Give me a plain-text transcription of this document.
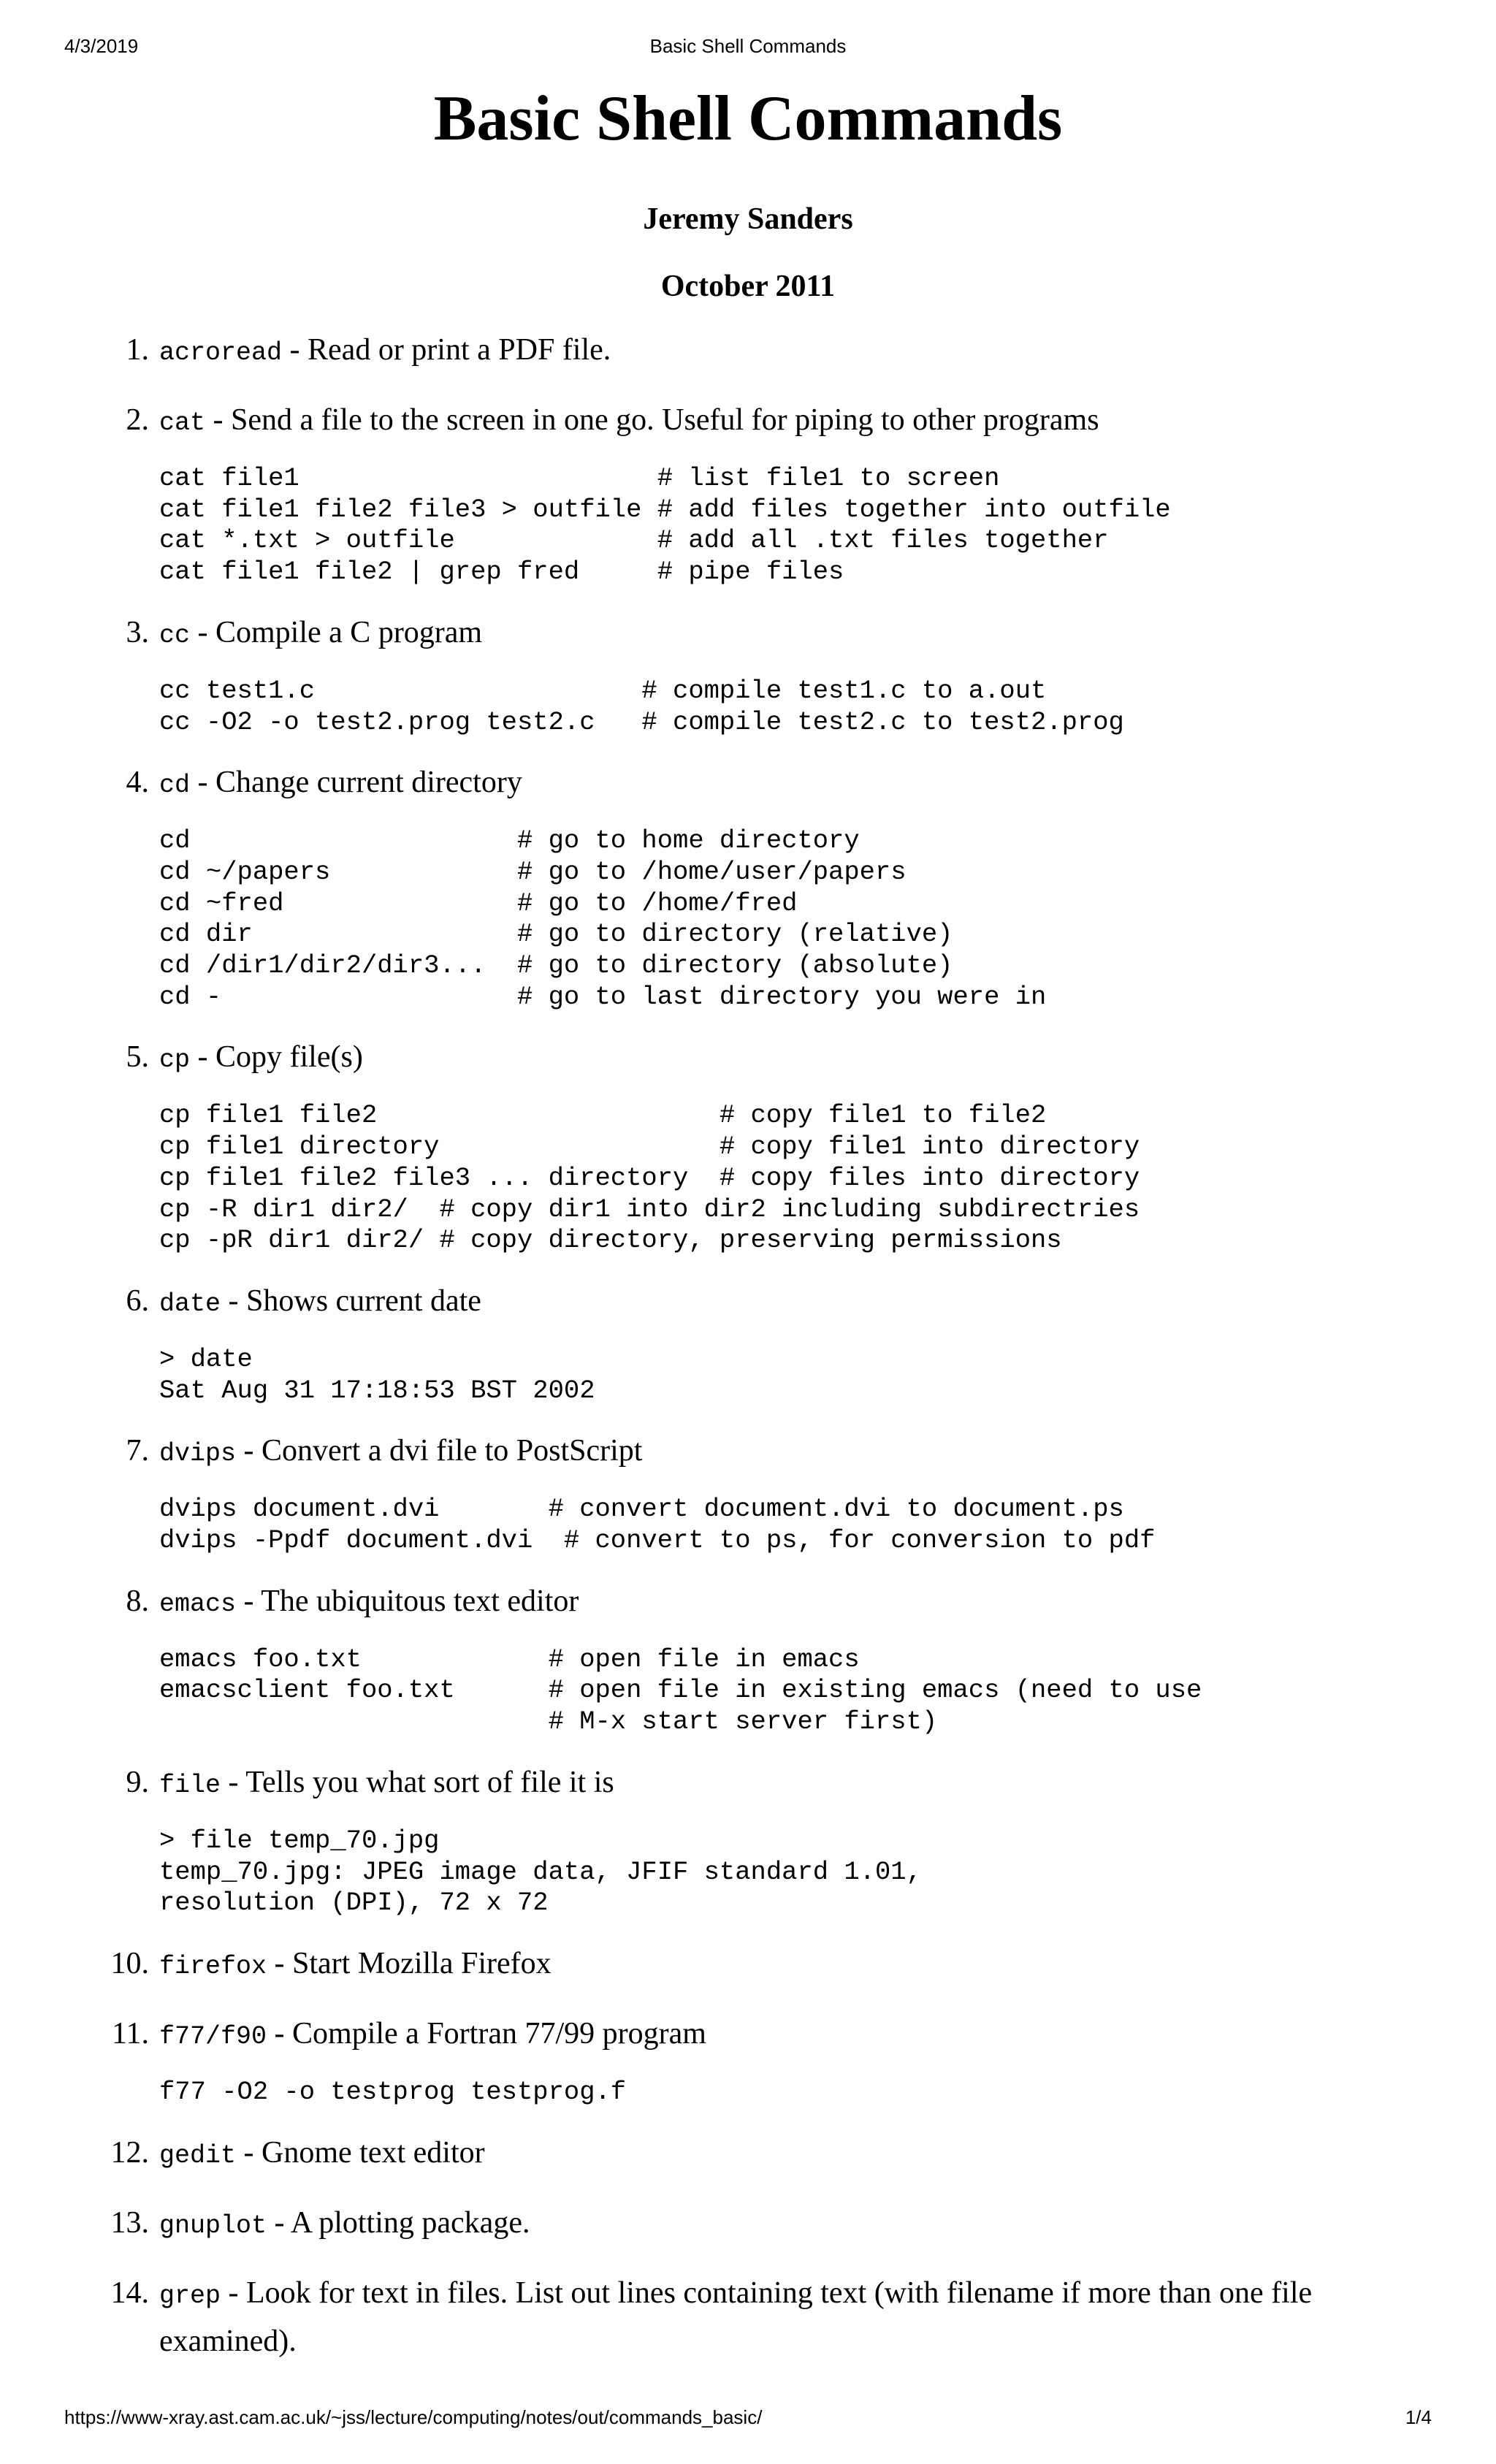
4/3/2019	Basic Shell Commands
Basic Shell Commands
Jeremy Sanders
October 2011
1. acroread - Read or print a PDF file.
2. cat - Send a file to the screen in one go. Useful for piping to other programs
cat file1                       # list file1 to screen
cat file1 file2 file3 > outfile # add files together into outfile
cat *.txt > outfile             # add all .txt files together
cat file1 file2 | grep fred     # pipe files
3. cc - Compile a C program
cc test1.c                     # compile test1.c to a.out
cc -O2 -o test2.prog test2.c   # compile test2.c to test2.prog
4. cd - Change current directory
cd                     # go to home directory
cd ~/papers            # go to /home/user/papers
cd ~fred               # go to /home/fred
cd dir                 # go to directory (relative)
cd /dir1/dir2/dir3...  # go to directory (absolute)
cd -                   # go to last directory you were in
5. cp - Copy file(s)
cp file1 file2                      # copy file1 to file2
cp file1 directory                  # copy file1 into directory
cp file1 file2 file3 ... directory  # copy files into directory
cp -R dir1 dir2/  # copy dir1 into dir2 including subdirectries
cp -pR dir1 dir2/ # copy directory, preserving permissions
6. date - Shows current date
> date
Sat Aug 31 17:18:53 BST 2002
7. dvips - Convert a dvi file to PostScript
dvips document.dvi       # convert document.dvi to document.ps
dvips -Ppdf document.dvi  # convert to ps, for conversion to pdf
8. emacs - The ubiquitous text editor
emacs foo.txt            # open file in emacs
emacsclient foo.txt      # open file in existing emacs (need to use
# M-x start server first)
9. file - Tells you what sort of file it is
> file temp_70.jpg
temp_70.jpg: JPEG image data, JFIF standard 1.01,
resolution (DPI), 72 x 72
10. firefox - Start Mozilla Firefox
11. f77/f90 - Compile a Fortran 77/99 program
f77 -O2 -o testprog testprog.f
12. gedit - Gnome text editor
13. gnuplot - A plotting package.
14. grep - Look for text in files. List out lines containing text (with filename if more than one file examined).
https://www-xray.ast.cam.ac.uk/~jss/lecture/computing/notes/out/commands_basic/	1/4
